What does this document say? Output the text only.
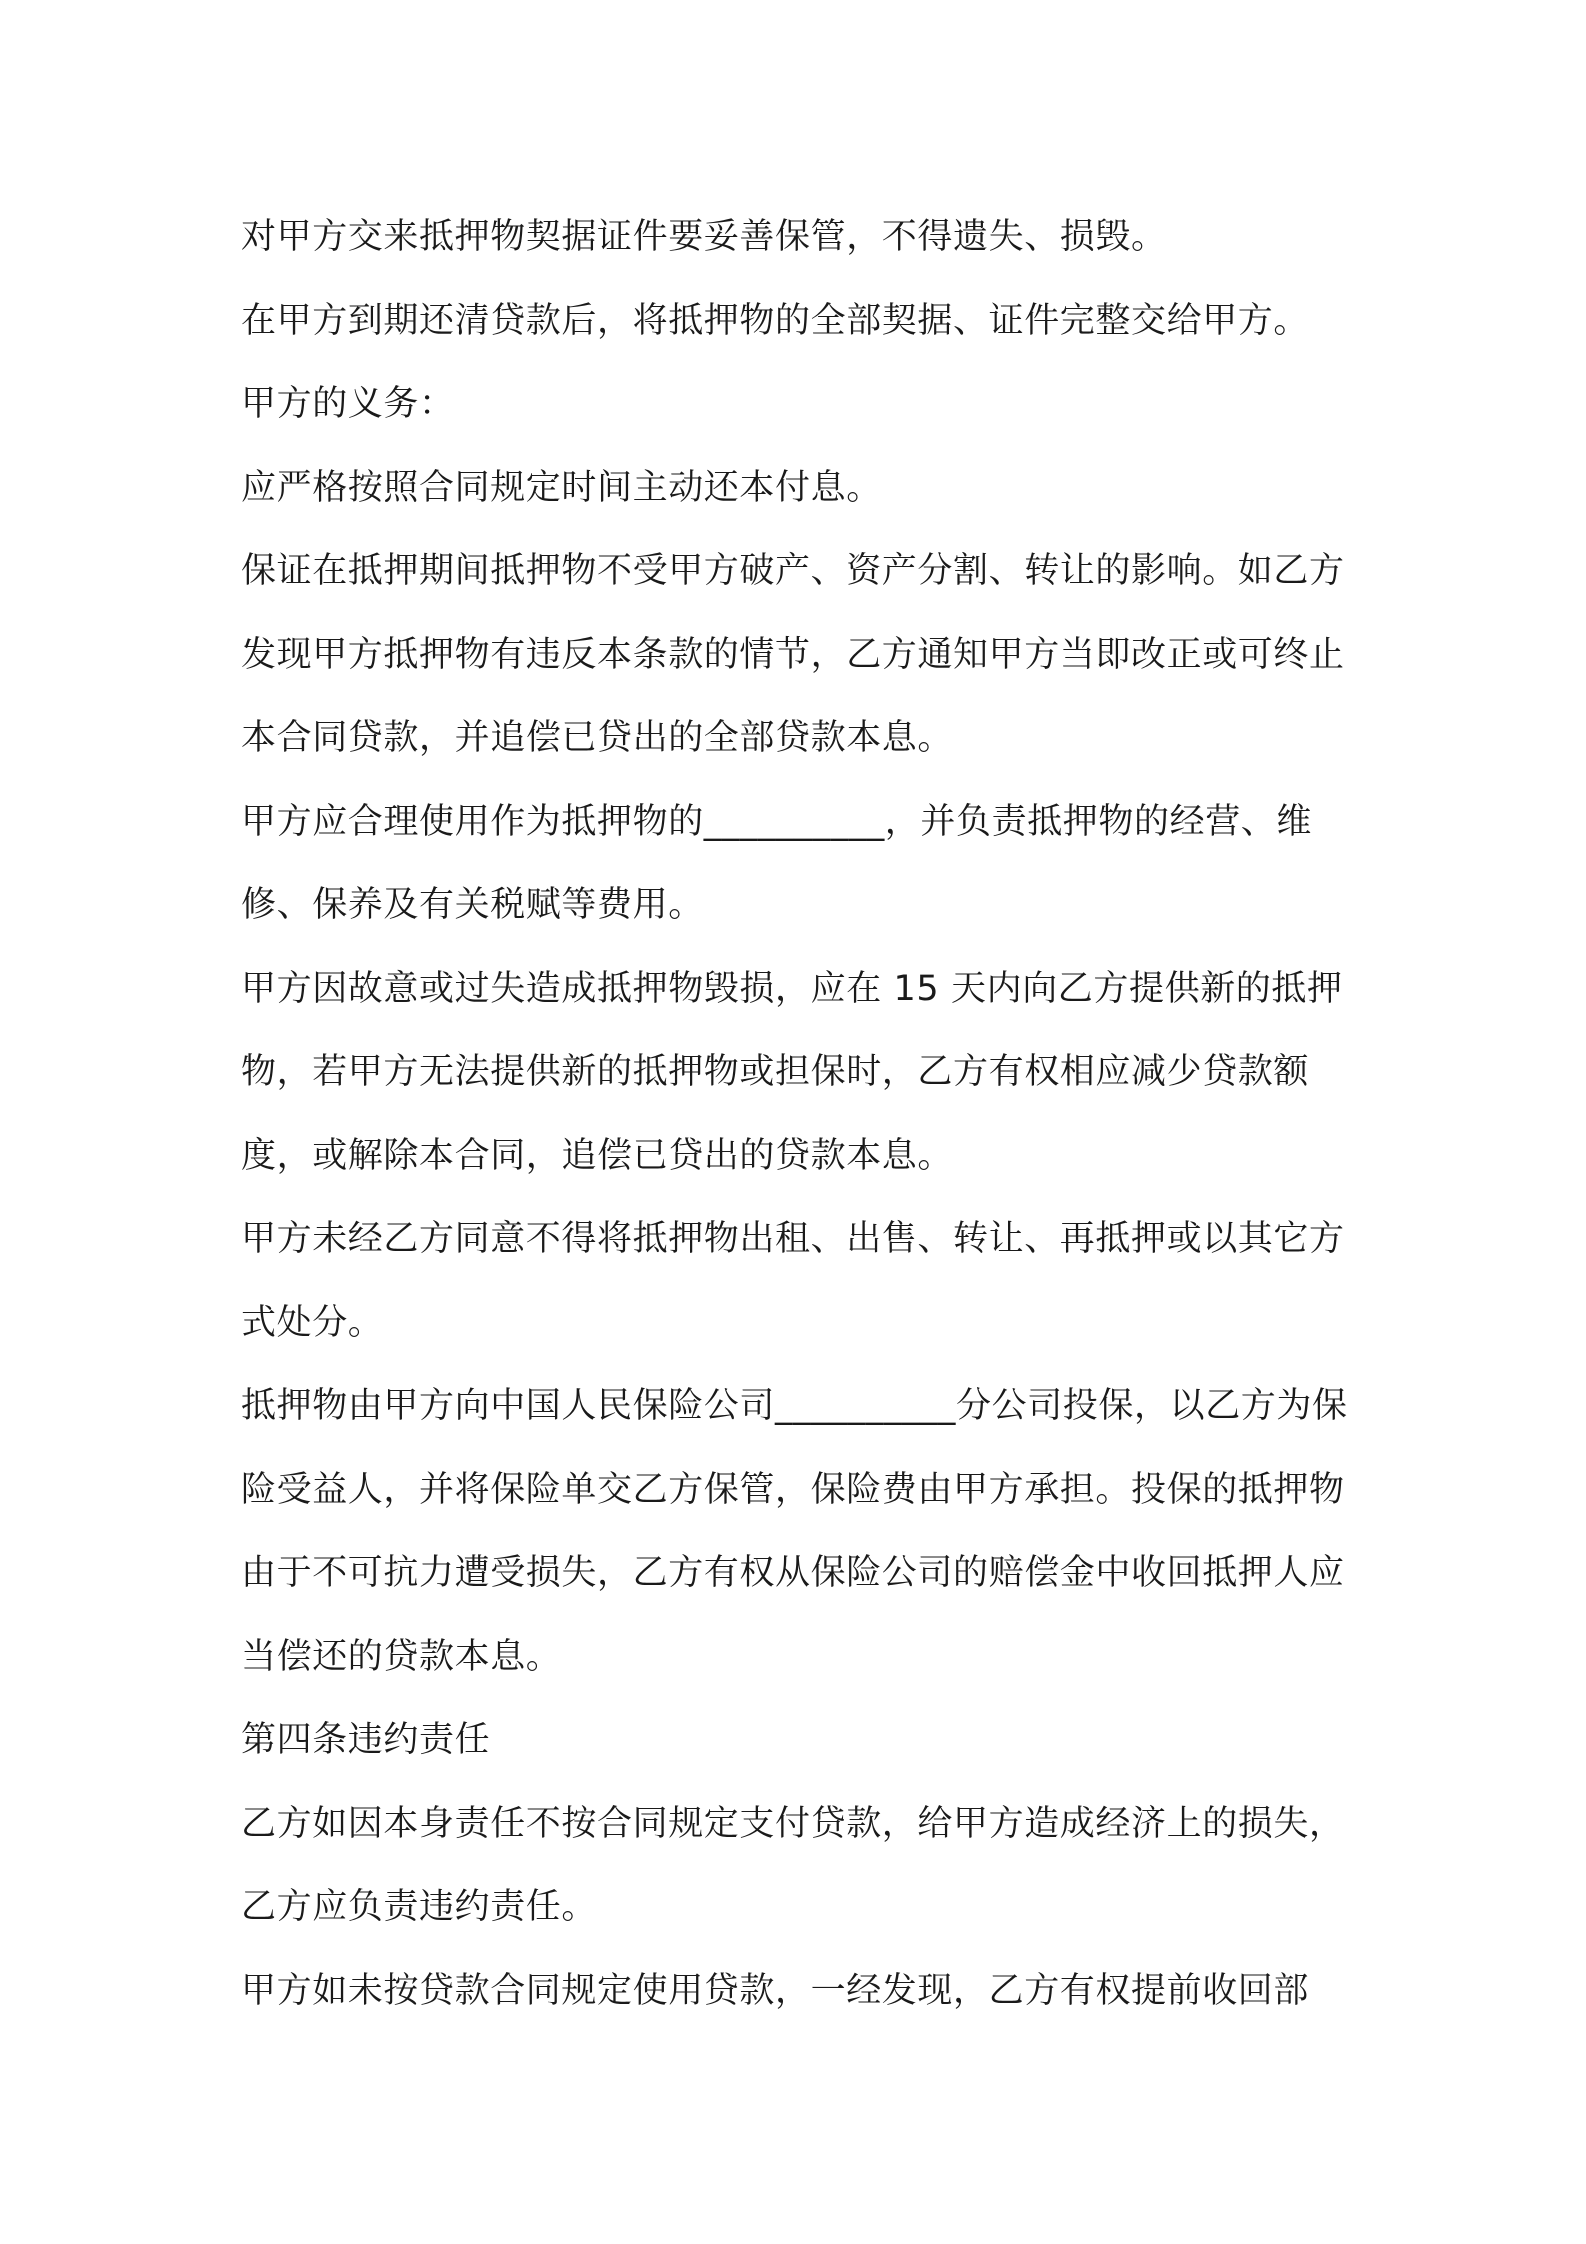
对甲方交来抵押物契据证件要妥善保管，不得遗失、损毁。

在甲方到期还清贷款后，将抵押物的全部契据、证件完整交给甲方。

甲方的义务：

应严格按照合同规定时间主动还本付息。

保证在抵押期间抵押物不受甲方破产、资产分割、转让的影响。如乙方发现甲方抵押物有违反本条款的情节，乙方通知甲方当即改正或可终止本合同贷款，并追偿已贷出的全部贷款本息。

甲方应合理使用作为抵押物的__________，并负责抵押物的经营、维修、保养及有关税赋等费用。

甲方因故意或过失造成抵押物毁损，应在 15 天内向乙方提供新的抵押物，若甲方无法提供新的抵押物或担保时，乙方有权相应减少贷款额度，或解除本合同，追偿已贷出的贷款本息。

甲方未经乙方同意不得将抵押物出租、出售、转让、再抵押或以其它方式处分。

抵押物由甲方向中国人民保险公司__________分公司投保，以乙方为保险受益人，并将保险单交乙方保管，保险费由甲方承担。投保的抵押物由于不可抗力遭受损失，乙方有权从保险公司的赔偿金中收回抵押人应当偿还的贷款本息。

第四条违约责任

乙方如因本身责任不按合同规定支付贷款，给甲方造成经济上的损失，乙方应负责违约责任。

甲方如未按贷款合同规定使用贷款，一经发现，乙方有权提前收回部
